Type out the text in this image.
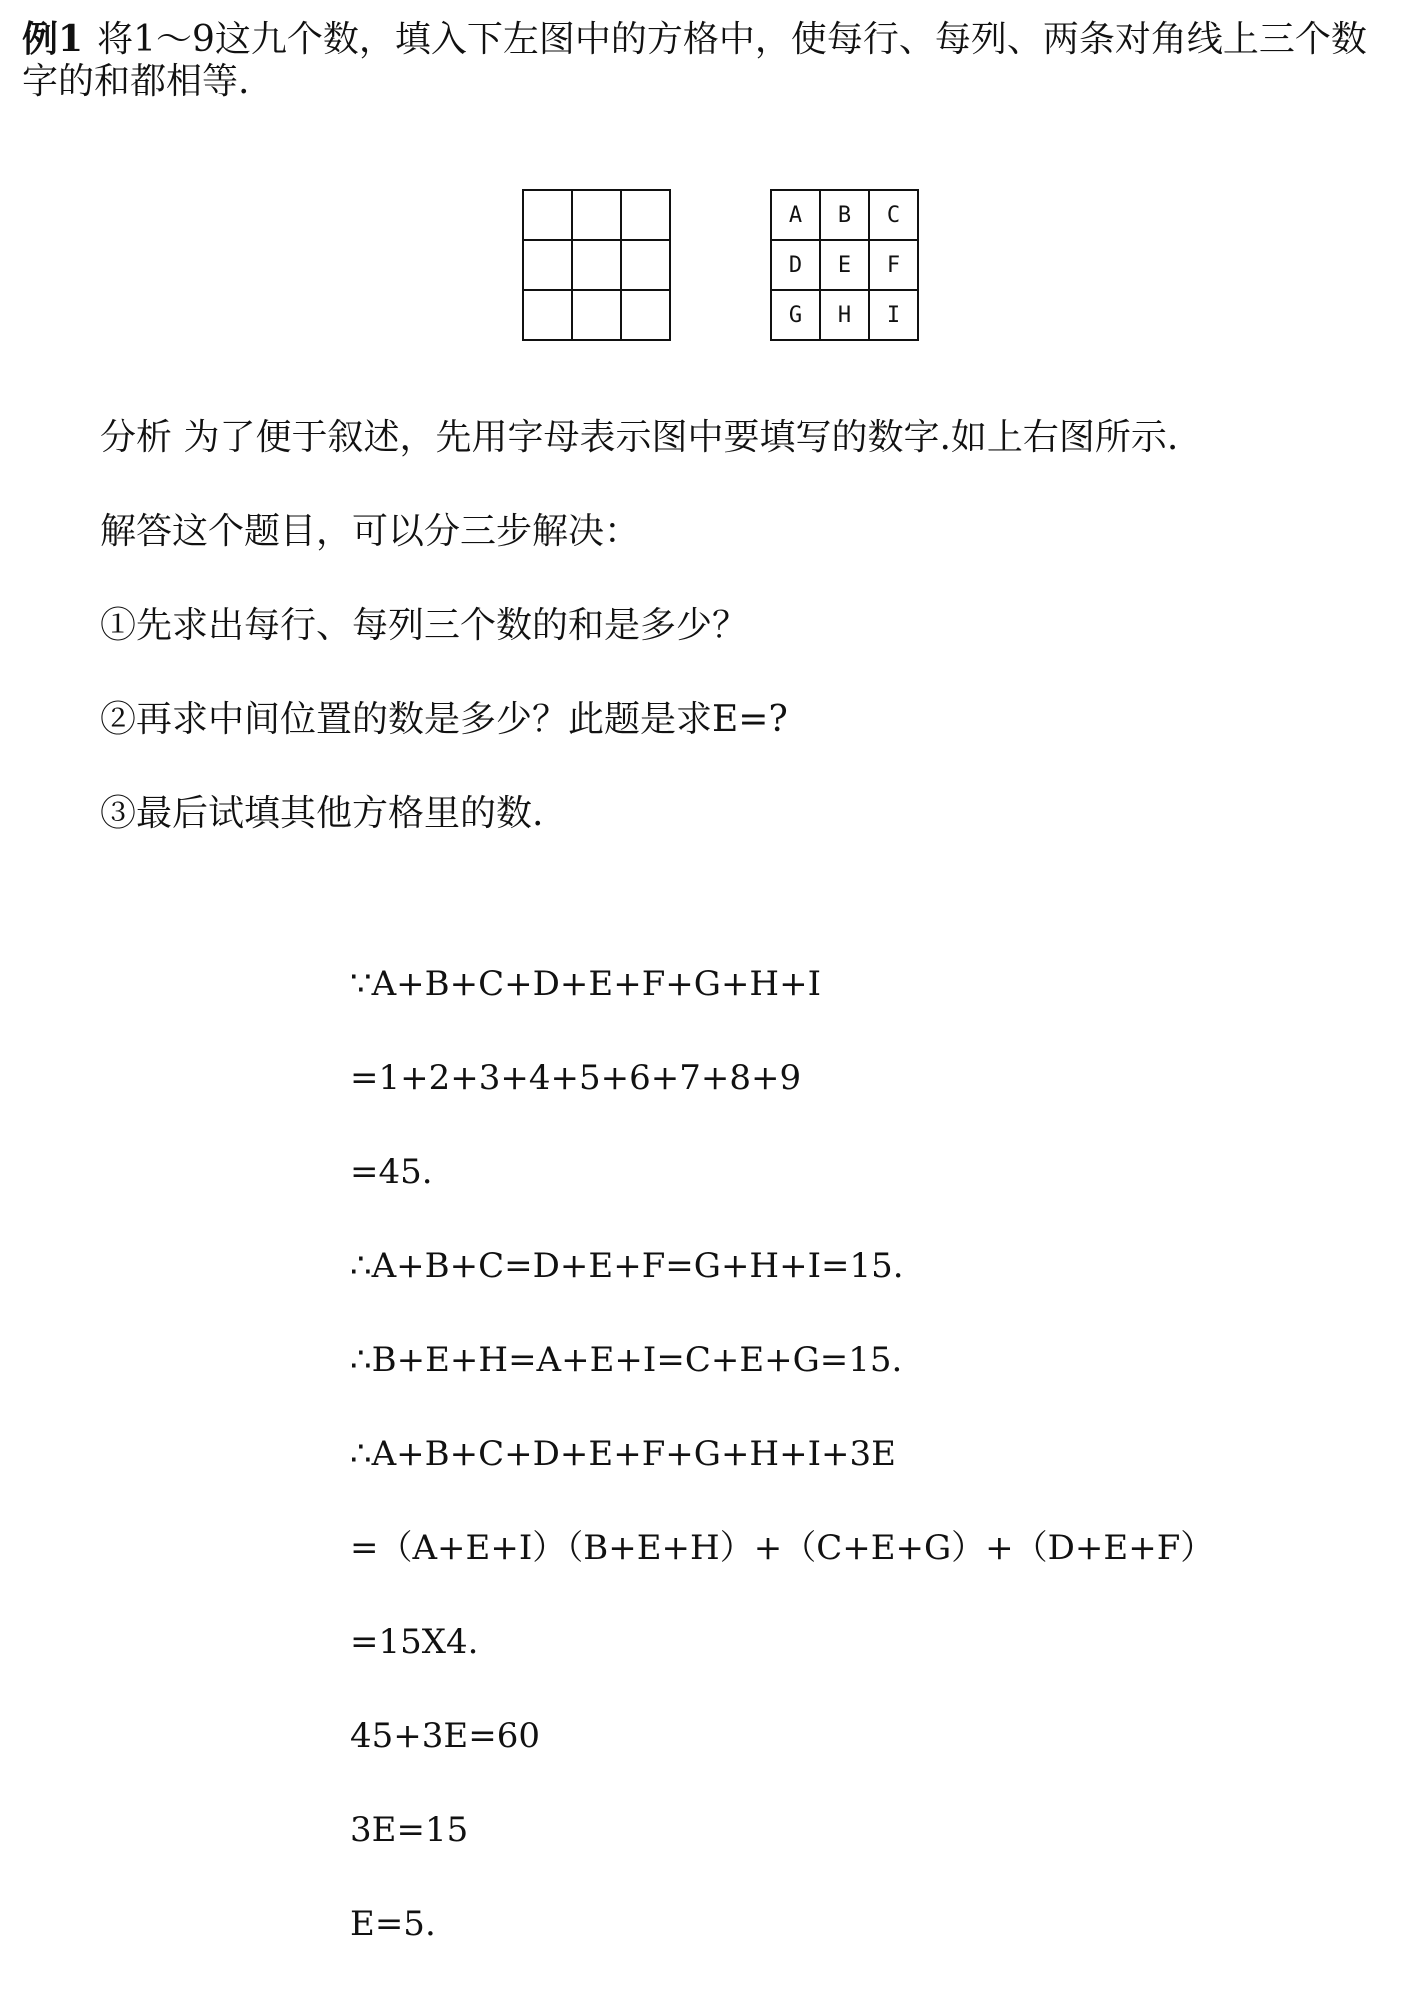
例1 将1～9这九个数，填入下左图中的方格中，使每行、每列、两条对角线上三个数字的和都相等.

A	B	C
D	E	F
G	H	I

分析 为了便于叙述，先用字母表示图中要填写的数字.如上右图所示.

解答这个题目，可以分三步解决：

①先求出每行、每列三个数的和是多少？

②再求中间位置的数是多少？此题是求E=?

③最后试填其他方格里的数.

∵A+B+C+D+E+F+G+H+I

=1+2+3+4+5+6+7+8+9

=45.

∴A+B+C=D+E+F=G+H+I=15.

∴B+E+H=A+E+I=C+E+G=15.

∴A+B+C+D+E+F+G+H+I+3E

=（A+E+I）（B+E+H）+（C+E+G）+（D+E+F）

=15X4.

45+3E=60

3E=15

E=5.
